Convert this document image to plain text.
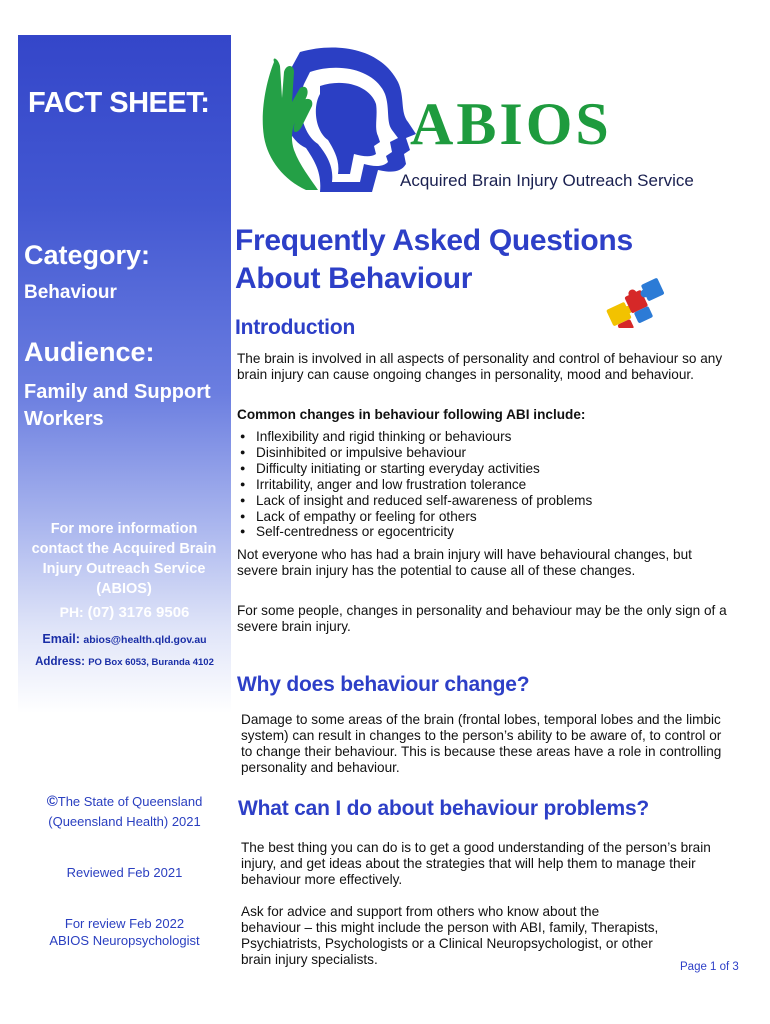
FACT SHEET:
Category:
Behaviour
Audience:
Family and Support Workers
For more information contact the Acquired Brain Injury Outreach Service (ABIOS)
PH: (07) 3176 9506
Email: abios@health.qld.gov.au
Address: PO Box 6053, Buranda 4102
©The State of Queensland
(Queensland Health) 2021
Reviewed Feb 2021
For review Feb 2022
ABIOS Neuropsychologist
ABIOS
Acquired Brain Injury Outreach Service
Frequently Asked Questions
About Behaviour
Introduction
The brain is involved in all aspects of personality and control of behaviour so any brain injury can cause ongoing changes in personality, mood and behaviour.
Common changes in behaviour following ABI include:
● Inflexibility and rigid thinking or behaviours
● Disinhibited or impulsive behaviour
● Difficulty initiating or starting everyday activities
● Irritability, anger and low frustration tolerance
● Lack of insight and reduced self-awareness of problems
● Lack of empathy or feeling for others
● Self-centredness or egocentricity
Not everyone who has had a brain injury will have behavioural changes, but severe brain injury has the potential to cause all of these changes.
For some people, changes in personality and behaviour may be the only sign of a severe brain injury.
Why does behaviour change?
Damage to some areas of the brain (frontal lobes, temporal lobes and the limbic system) can result in changes to the person’s ability to be aware of, to control or to change their behaviour. This is because these areas have a role in controlling personality and behaviour.
What can I do about behaviour problems?
The best thing you can do is to get a good understanding of the person’s brain injury, and get ideas about the strategies that will help them to manage their behaviour more effectively.
Ask for advice and support from others who know about the behaviour – this might include the person with ABI, family, Therapists, Psychiatrists, Psychologists or a Clinical Neuropsychologist, or other brain injury specialists.	Page 1 of 3
